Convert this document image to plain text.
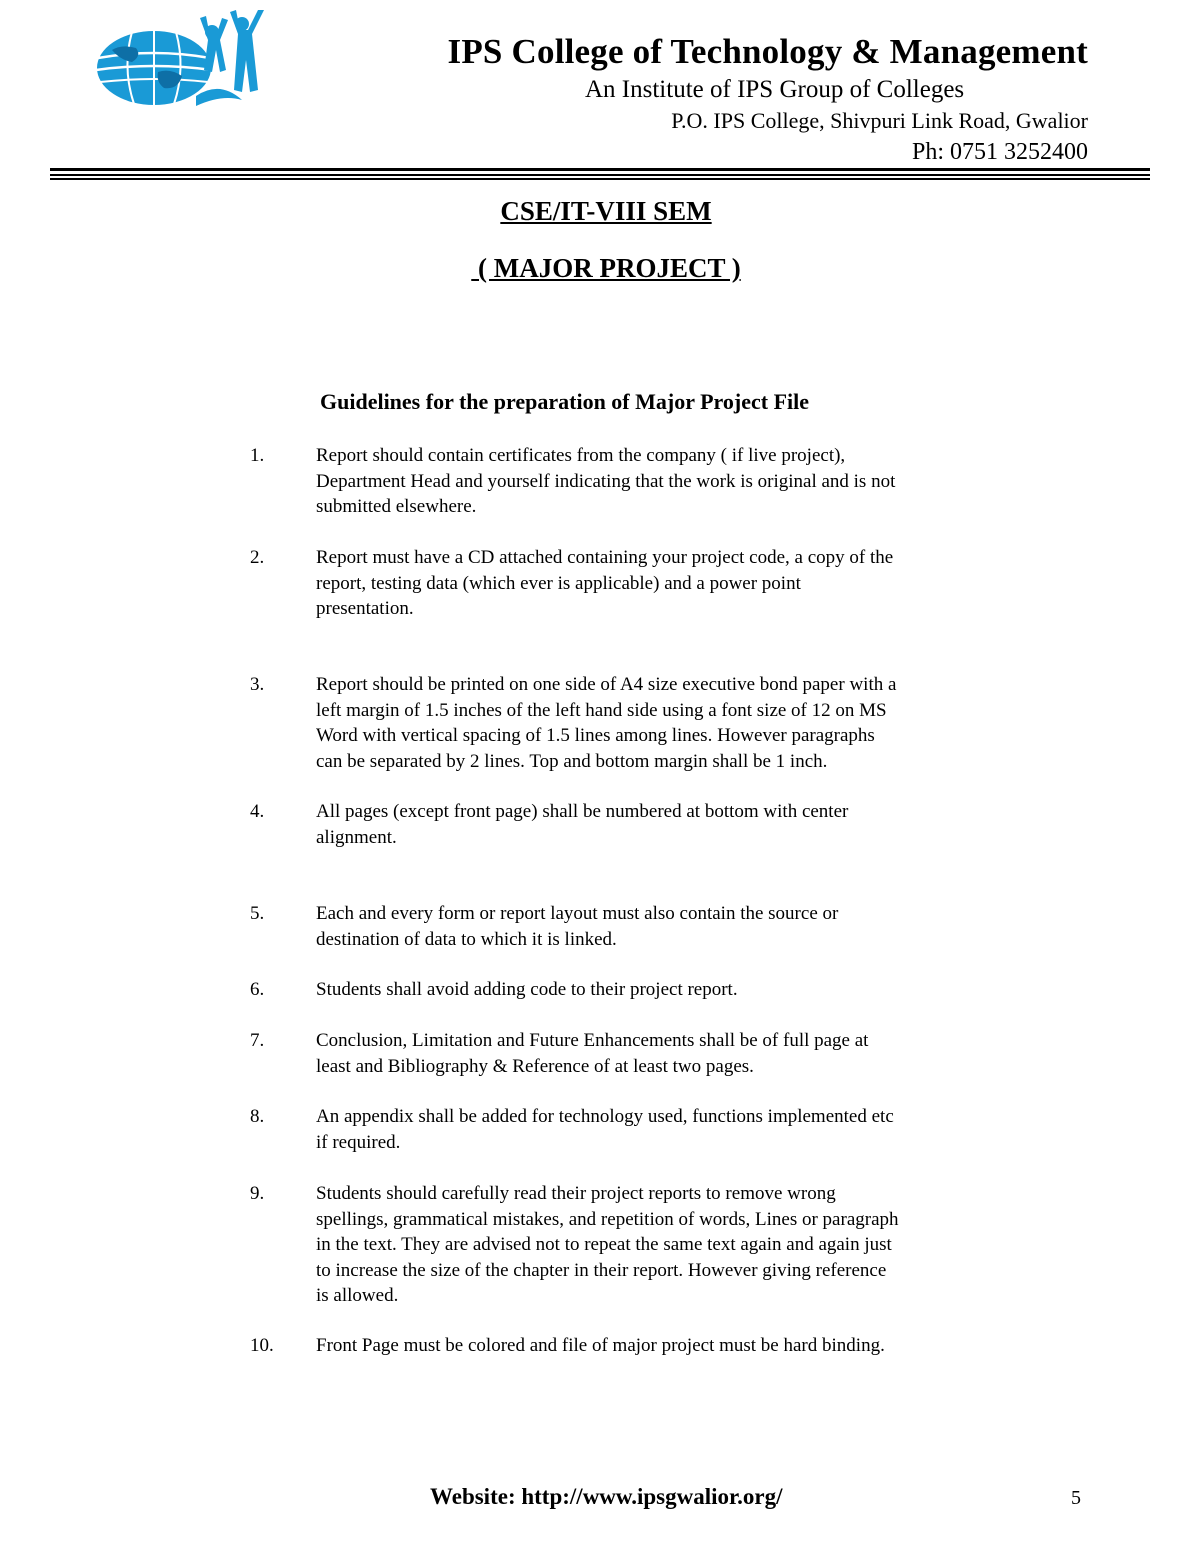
IPS College of Technology & Management
An Institute of IPS Group of Colleges
P.O. IPS College, Shivpuri Link Road, Gwalior
Ph: 0751 3252400
CSE/IT-VIII SEM
( MAJOR PROJECT )
Guidelines for the preparation of Major Project File
1.	Report should contain certificates from the company ( if live project),
Department Head and yourself indicating that the work is original and is not
submitted elsewhere.
2.	Report must have a CD attached containing your project code, a copy of the
report, testing data (which ever is applicable) and a power point
presentation.
3.	Report should be printed on one side of A4 size executive bond paper with a
left margin of 1.5 inches of the left hand side using a font size of 12 on MS
Word with vertical spacing of 1.5 lines among lines. However paragraphs
can be separated by 2 lines. Top and bottom margin shall be 1 inch.
4.	All pages (except front page) shall be numbered at bottom with center
alignment.
5.	Each and every form or report layout must also contain the source or
destination of data to which it is linked.
6.	Students shall avoid adding code to their project report.
7.	Conclusion, Limitation and Future Enhancements shall be of full page at
least and Bibliography & Reference of at least two pages.
8.	An appendix shall be added for technology used, functions implemented etc
if required.
9.	Students should carefully read their project reports to remove wrong
spellings, grammatical mistakes, and repetition of words, Lines or paragraph
in the text. They are advised not to repeat the same text again and again just
to increase the size of the chapter in their report. However giving reference
is allowed.
10. Front Page must be colored and file of major project must be hard binding.
Website: http://www.ipsgwalior.org/	5
